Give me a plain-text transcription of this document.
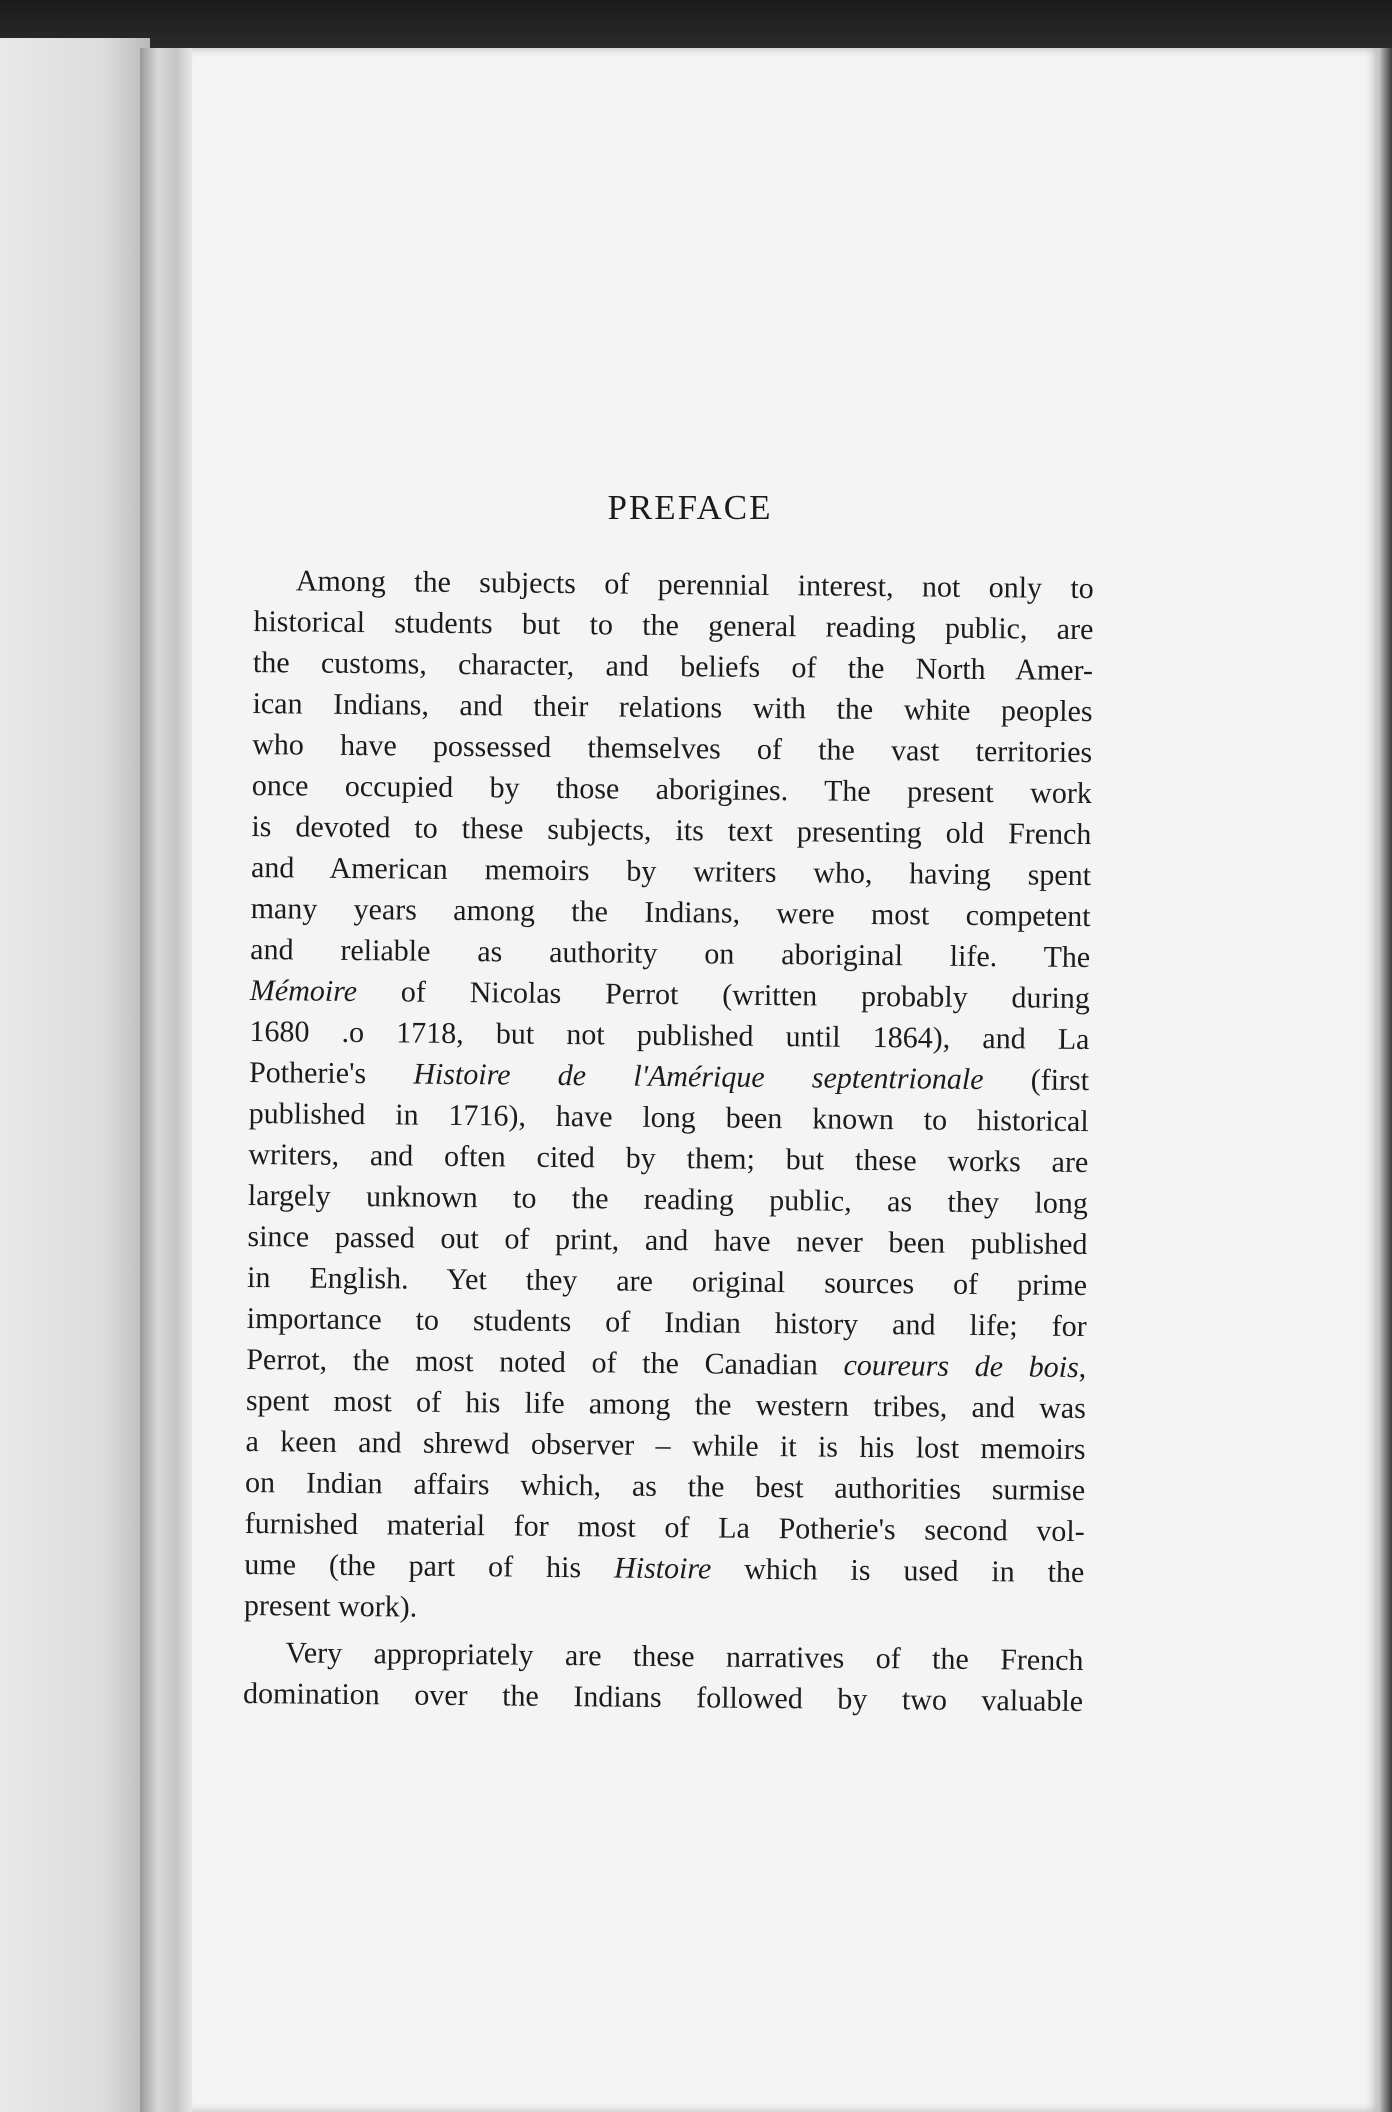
PREFACE
Among the subjects of perennial interest, not only to
historical students but to the general reading public, are
the customs, character, and beliefs of the North Amer-
ican Indians, and their relations with the white peoples
who have possessed themselves of the vast territories
once occupied by those aborigines. The present work
is devoted to these subjects, its text presenting old French
and American memoirs by writers who, having spent
many years among the Indians, were most competent
and reliable as authority on aboriginal life. The
Mémoire of Nicolas Perrot (written probably during
1680 .o 1718, but not published until 1864), and La
Potherie's Histoire de l'Amérique septentrionale (first
published in 1716), have long been known to historical
writers, and often cited by them; but these works are
largely unknown to the reading public, as they long
since passed out of print, and have never been published
in English. Yet they are original sources of prime
importance to students of Indian history and life; for
Perrot, the most noted of the Canadian coureurs de bois,
spent most of his life among the western tribes, and was
a keen and shrewd observer – while it is his lost memoirs
on Indian affairs which, as the best authorities surmise
furnished material for most of La Potherie's second vol-
ume (the part of his Histoire which is used in the
present work).
Very appropriately are these narratives of the French
domination over the Indians followed by two valuable
